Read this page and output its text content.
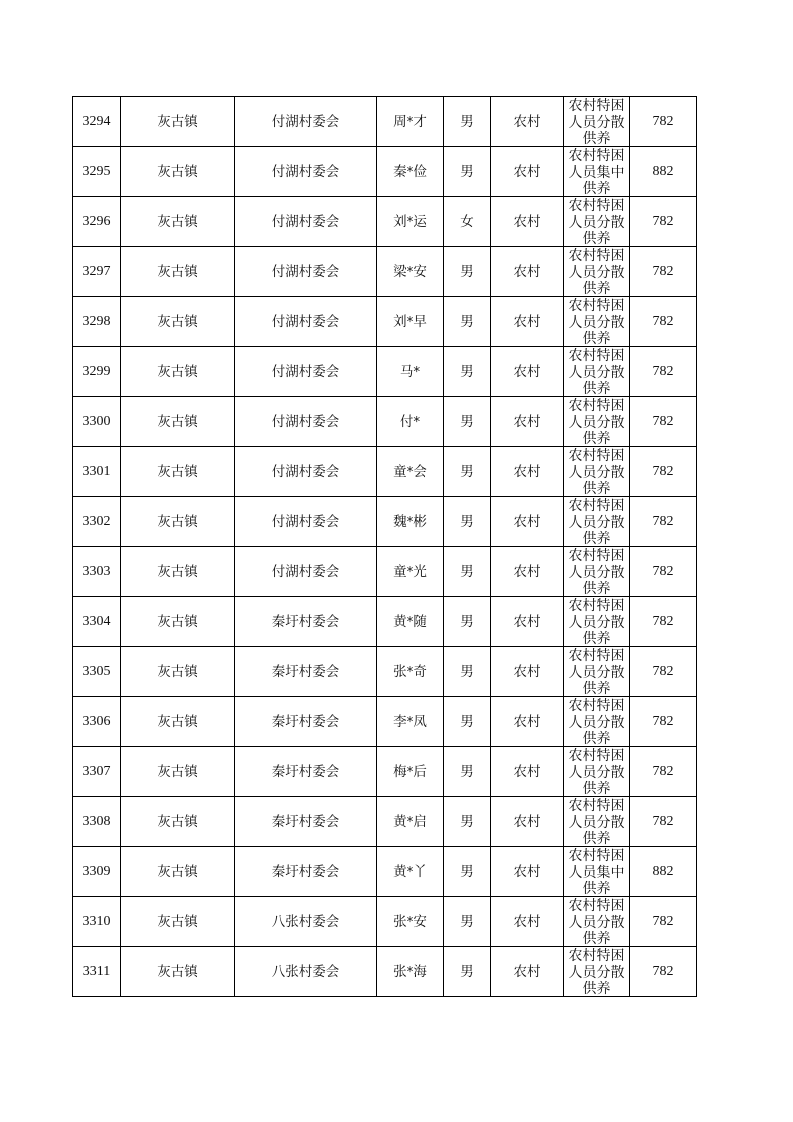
3294	灰古镇	付湖村委会	周*才	男	农村	农村特困人员分散供养	782
3295	灰古镇	付湖村委会	秦*俭	男	农村	农村特困人员集中供养	882
3296	灰古镇	付湖村委会	刘*运	女	农村	农村特困人员分散供养	782
3297	灰古镇	付湖村委会	梁*安	男	农村	农村特困人员分散供养	782
3298	灰古镇	付湖村委会	刘*早	男	农村	农村特困人员分散供养	782
3299	灰古镇	付湖村委会	马*	男	农村	农村特困人员分散供养	782
3300	灰古镇	付湖村委会	付*	男	农村	农村特困人员分散供养	782
3301	灰古镇	付湖村委会	童*会	男	农村	农村特困人员分散供养	782
3302	灰古镇	付湖村委会	魏*彬	男	农村	农村特困人员分散供养	782
3303	灰古镇	付湖村委会	童*光	男	农村	农村特困人员分散供养	782
3304	灰古镇	秦圩村委会	黄*随	男	农村	农村特困人员分散供养	782
3305	灰古镇	秦圩村委会	张*奇	男	农村	农村特困人员分散供养	782
3306	灰古镇	秦圩村委会	李*凤	男	农村	农村特困人员分散供养	782
3307	灰古镇	秦圩村委会	梅*后	男	农村	农村特困人员分散供养	782
3308	灰古镇	秦圩村委会	黄*启	男	农村	农村特困人员分散供养	782
3309	灰古镇	秦圩村委会	黄*丫	男	农村	农村特困人员集中供养	882
3310	灰古镇	八张村委会	张*安	男	农村	农村特困人员分散供养	782
3311	灰古镇	八张村委会	张*海	男	农村	农村特困人员分散供养	782
